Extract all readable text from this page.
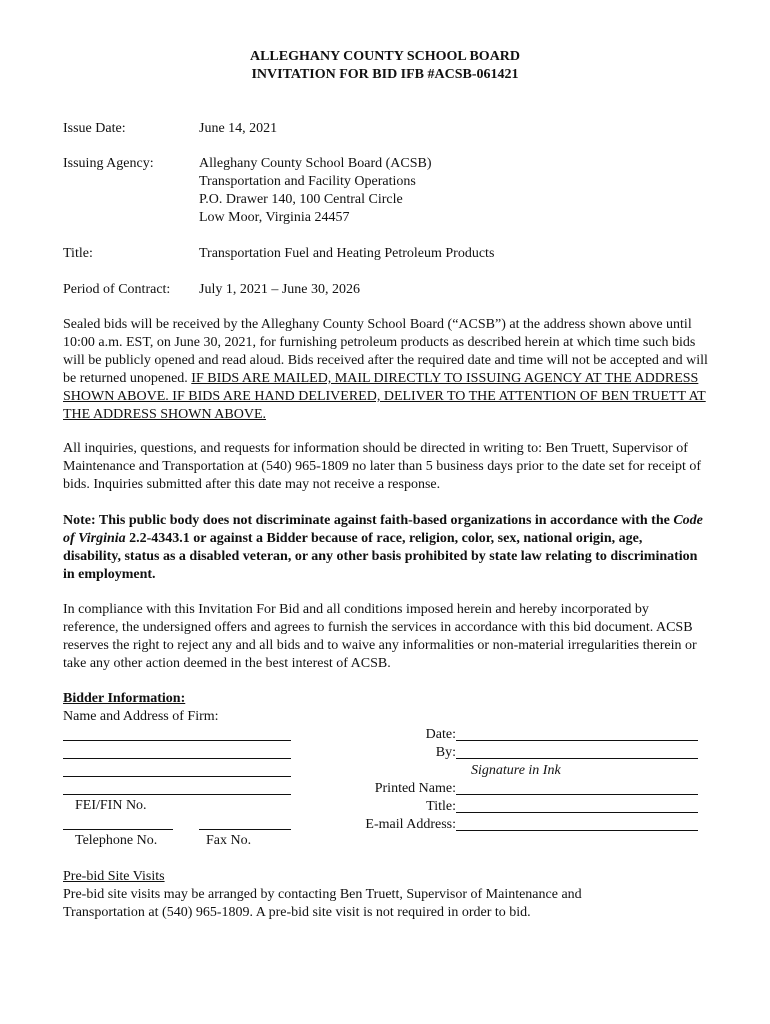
ALLEGHANY COUNTY SCHOOL BOARD
INVITATION FOR BID IFB #ACSB-061421
Issue Date:	June 14, 2021
Issuing Agency:	Alleghany County School Board (ACSB)
Transportation and Facility Operations
P.O. Drawer 140, 100 Central Circle
Low Moor, Virginia 24457
Title:	Transportation Fuel and Heating Petroleum Products
Period of Contract: July 1, 2021 – June 30, 2026
Sealed bids will be received by the Alleghany County School Board (“ACSB”) at the address shown above until 10:00 a.m. EST, on June 30, 2021, for furnishing petroleum products as described herein at which time such bids will be publicly opened and read aloud. Bids received after the required date and time will not be accepted and will be returned unopened. IF BIDS ARE MAILED, MAIL DIRECTLY TO ISSUING AGENCY AT THE ADDRESS SHOWN ABOVE. IF BIDS ARE HAND DELIVERED, DELIVER TO THE ATTENTION OF BEN TRUETT AT THE ADDRESS SHOWN ABOVE.
All inquiries, questions, and requests for information should be directed in writing to: Ben Truett, Supervisor of Maintenance and Transportation at (540) 965-1809 no later than 5 business days prior to the date set for receipt of bids. Inquiries submitted after this date may not receive a response.
Note: This public body does not discriminate against faith-based organizations in accordance with the Code of Virginia 2.2-4343.1 or against a Bidder because of race, religion, color, sex, national origin, age, disability, status as a disabled veteran, or any other basis prohibited by state law relating to discrimination in employment.
In compliance with this Invitation For Bid and all conditions imposed herein and hereby incorporated by reference, the undersigned offers and agrees to furnish the services in accordance with this bid document. ACSB reserves the right to reject any and all bids and to waive any informalities or non-material irregularities therein or take any other action deemed in the best interest of ACSB.
Bidder Information:
Name and Address of Firm:
FEI/FIN No.
Telephone No.	Fax No.
Date:
By:
Signature in Ink
Printed Name:
Title:
E-mail Address:
Pre-bid Site Visits
Pre-bid site visits may be arranged by contacting Ben Truett, Supervisor of Maintenance and Transportation at (540) 965-1809. A pre-bid site visit is not required in order to bid.
